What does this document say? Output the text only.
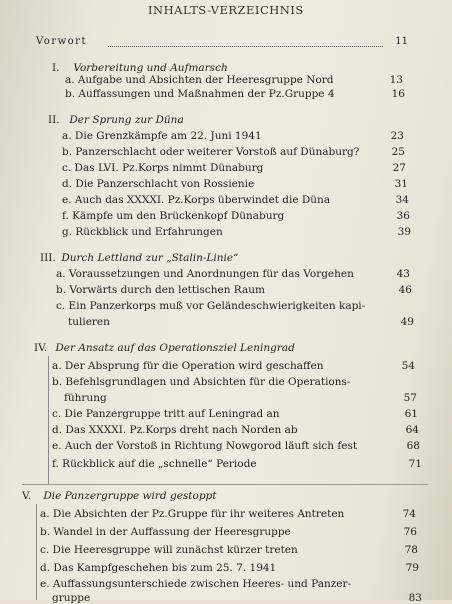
INHALTS-VERZEICHNIS
Vorwort	11
I. Vorbereitung und Aufmarsch
a. Aufgabe und Absichten der Heeresgruppe Nord	13
b. Auffassungen und Maßnahmen der Pz.Gruppe 4	16
II. Der Sprung zur Düna
a. Die Grenzkämpfe am 22. Juni 1941	23
b. Panzerschlacht oder weiterer Vorstoß auf Dünaburg?	25
c. Das LVI. Pz.Korps nimmt Dünaburg	27
d. Die Panzerschlacht von Rossienie	31
e. Auch das XXXXI. Pz.Korps überwindet die Düna	34
f. Kämpfe um den Brückenkopf Dünaburg	36
g. Rückblick und Erfahrungen	39
III. Durch Lettland zur „Stalin-Linie“
a. Voraussetzungen und Anordnungen für das Vorgehen	43
b. Vorwärts durch den lettischen Raum	46
c. Ein Panzerkorps muß vor Geländeschwierigkeiten kapi-
tulieren	49
IV. Der Ansatz auf das Operationsziel Leningrad
a. Der Absprung für die Operation wird geschaffen	54
b. Befehlsgrundlagen und Absichten für die Operations-
führung	57
c. Die Panzergruppe tritt auf Leningrad an	61
d. Das XXXXI. Pz.Korps dreht nach Norden ab	64
e. Auch der Vorstoß in Richtung Nowgorod läuft sich fest	68
f. Rückblick auf die „schnelle“ Periode	71
V. Die Panzergruppe wird gestoppt
a. Die Absichten der Pz.Gruppe für ihr weiteres Antreten	74
b. Wandel in der Auffassung der Heeresgruppe	76
c. Die Heeresgruppe will zunächst kürzer treten	78
d. Das Kampfgeschehen bis zum 25. 7. 1941	79
e. Auffassungsunterschiede zwischen Heeres- und Panzer-
gruppe	83
